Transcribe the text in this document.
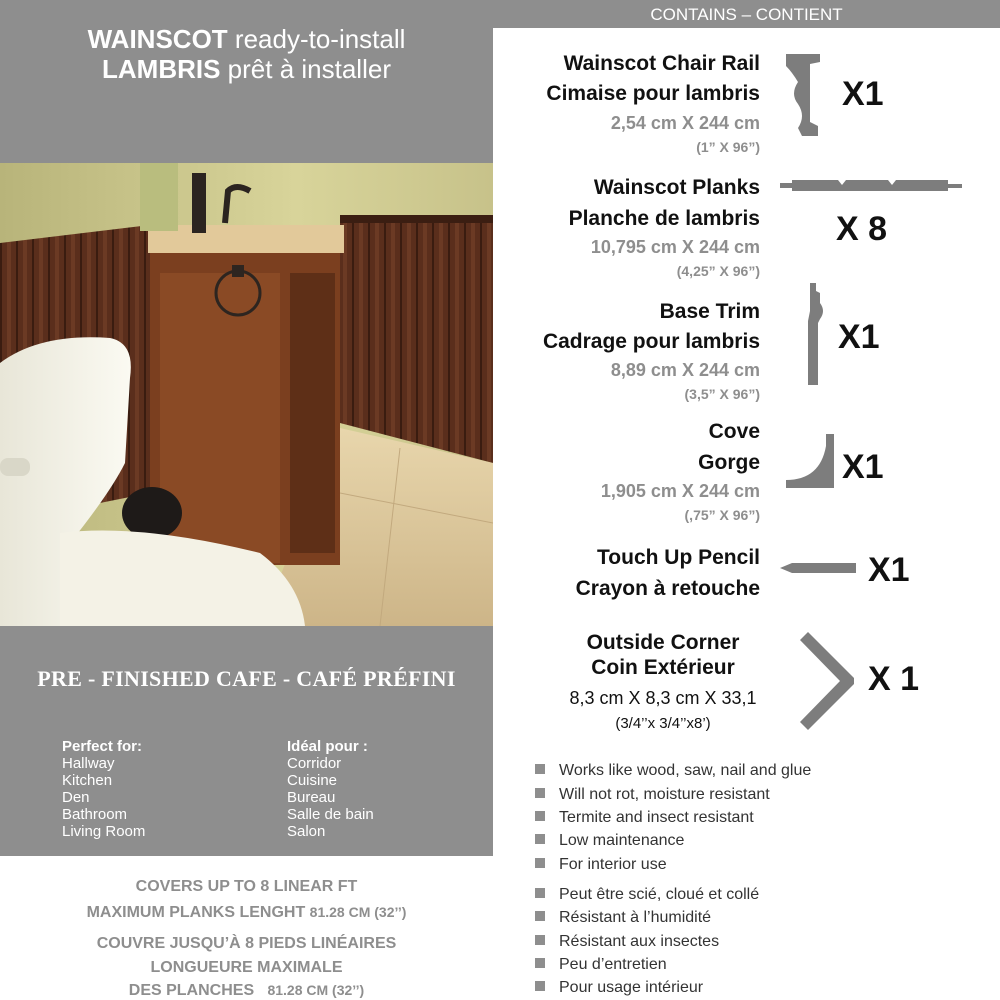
WAINSCOT ready-to-install
LAMBRIS prêt à installer
PRE - FINISHED CAFE - CAFÉ PRÉFINI
Perfect for:
Hallway
Kitchen
Den
Bathroom
Living Room
Idéal pour :
Corridor
Cuisine
Bureau
Salle de bain
Salon
COVERS UP TO 8 LINEAR FT
MAXIMUM PLANKS LENGHT 81.28 CM (32’’)
COUVRE JUSQU’À 8 PIEDS LINÉAIRES
LONGUEURE MAXIMALE
DES PLANCHES 81.28 CM (32’’)
CONTAINS – CONTIENT
Wainscot Chair Rail
Cimaise pour lambris
2,54 cm X 244 cm
(1” X 96”)
X1
Wainscot Planks
Planche de lambris
10,795 cm X 244 cm
(4,25” X 96”)
X 8
Base Trim
Cadrage pour lambris
8,89 cm X 244 cm
(3,5” X 96”)
X1
Cove
Gorge
1,905 cm X 244 cm
(,75” X 96”)
X1
Touch Up Pencil
Crayon à retouche	X1
Outside Corner
Coin Extérieur
8,3 cm X 8,3 cm X 33,1
(3/4’’x 3/4’’x8’)
X 1
Works like wood, saw, nail and glue
Will not rot, moisture resistant
Termite and insect resistant
Low maintenance
For interior use
Peut être scié, cloué et collé
Résistant à l’humidité
Résistant aux insectes
Peu d’entretien
Pour usage intérieur
